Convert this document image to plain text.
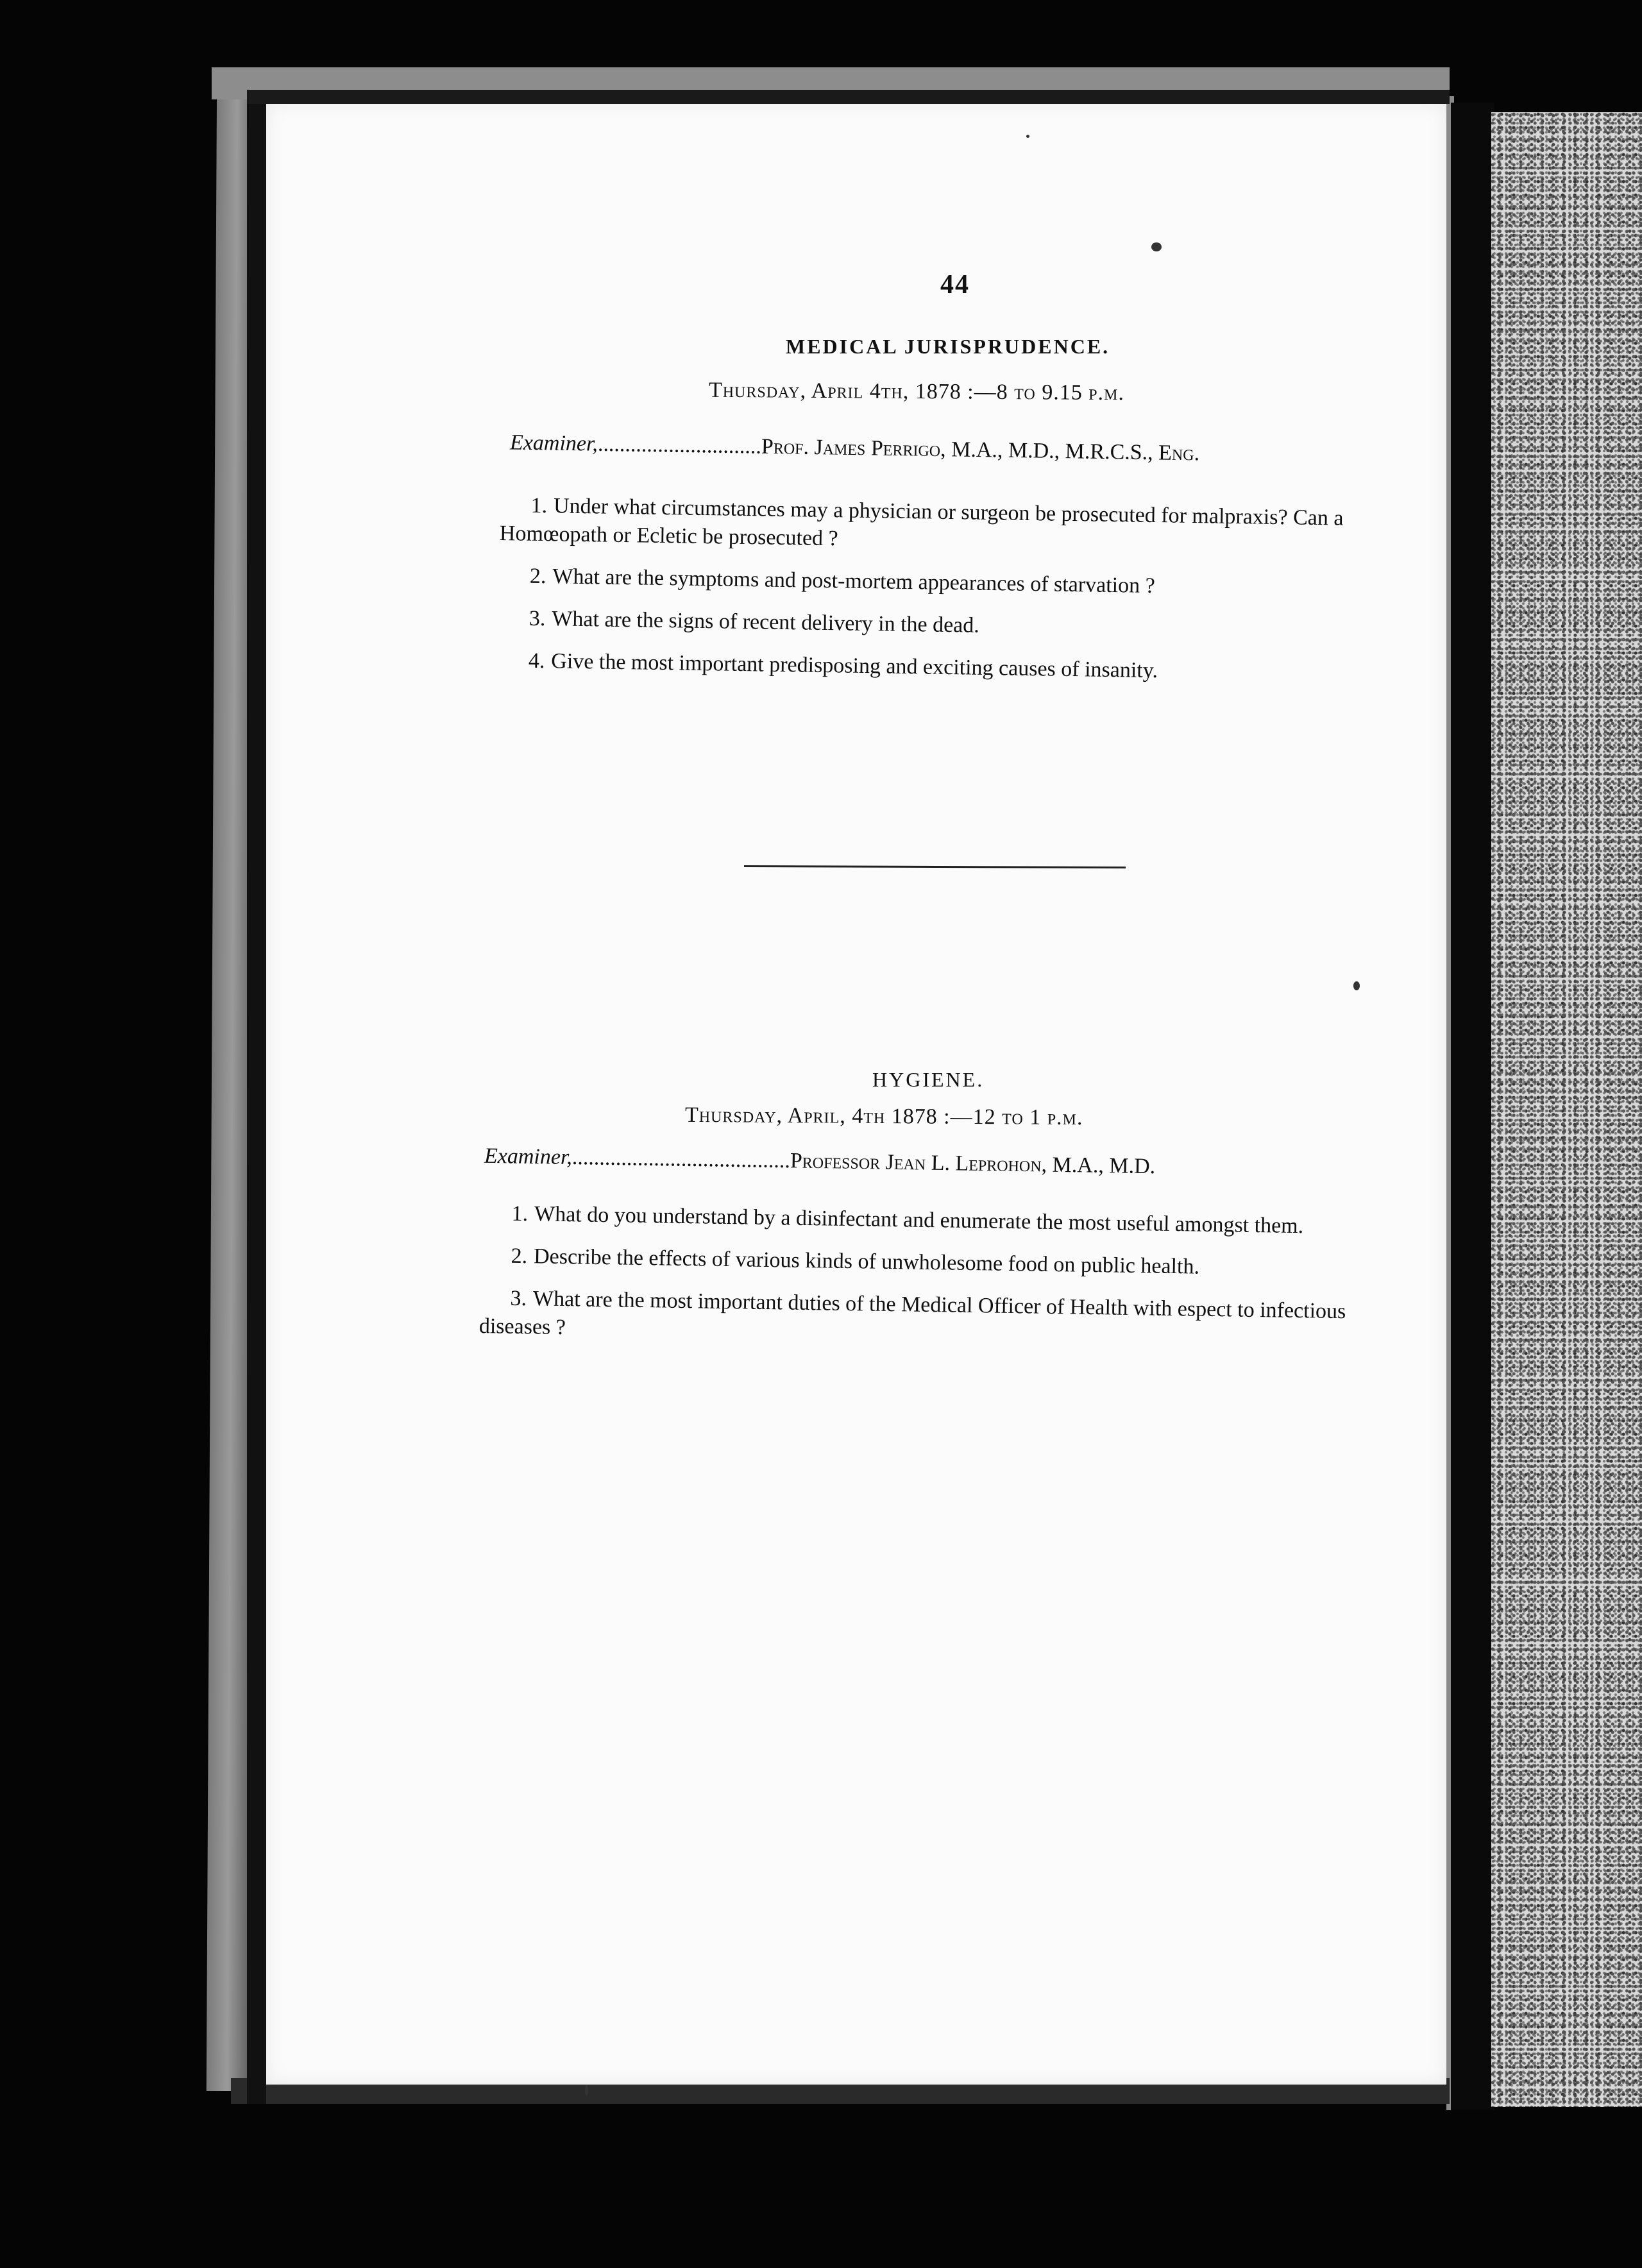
44
MEDICAL JURISPRUDENCE.
Thursday, April 4th, 1878 :—8 to 9.15 p.m.
Examiner,..............................Prof. James Perrigo, M.A., M.D., M.R.C.S., Eng.
1. Under what circumstances may a physician or surgeon be prosecuted for malpraxis? Can a Homœopath or Ecletic be prosecuted ?
2. What are the symptoms and post-mortem appearances of starvation ?
3. What are the signs of recent delivery in the dead.
4. Give the most important predisposing and exciting causes of insanity.
HYGIENE.
Thursday, April, 4th 1878 :—12 to 1 p.m.
Examiner,........................................Professor Jean L. Leprohon, M.A., M.D.
1. What do you understand by a disinfectant and enumerate the most useful amongst them.
2. Describe the effects of various kinds of unwholesome food on public health.
3. What are the most important duties of the Medical Officer of Health with espect to infectious diseases ?
